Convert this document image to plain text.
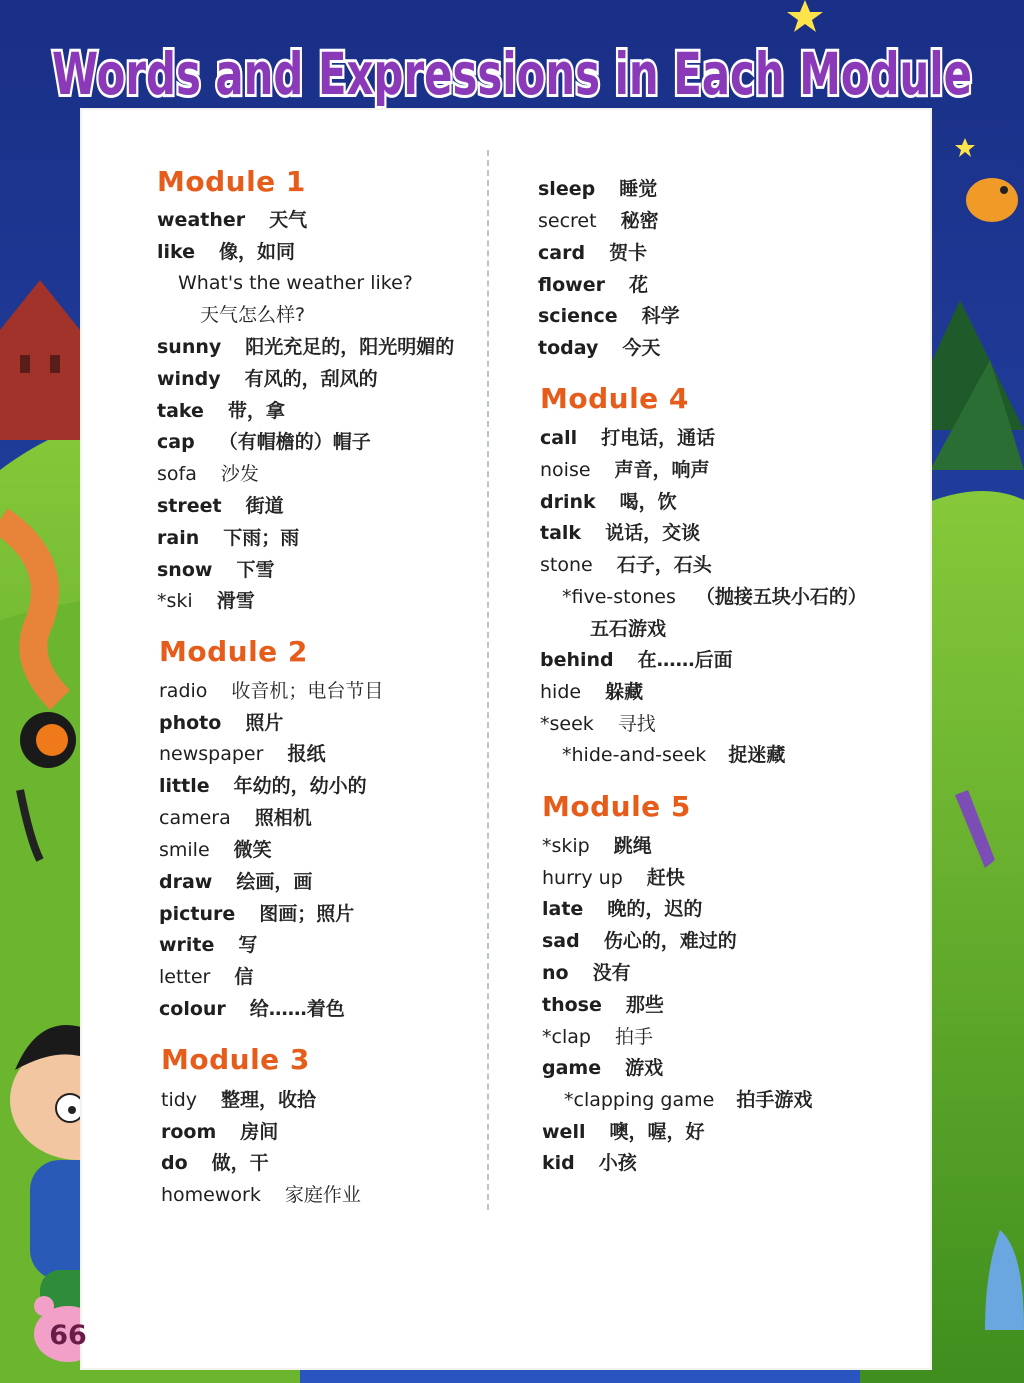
Words and Expressions in Each Module
Module 1
weather 天气
like 像，如同
What's the weather like?
天气怎么样?
sunny 阳光充足的，阳光明媚的
windy 有风的，刮风的
take 带，拿
cap （有帽檐的）帽子
sofa 沙发
street 街道
rain 下雨；雨
snow 下雪
*ski 滑雪
Module 2
radio 收音机；电台节目
photo 照片
newspaper 报纸
little 年幼的，幼小的
camera 照相机
smile 微笑
draw 绘画，画
picture 图画；照片
write 写
letter 信
colour 给……着色
Module 3
tidy 整理，收拾
room 房间
do 做，干
homework 家庭作业
sleep 睡觉
secret 秘密
card 贺卡
flower 花
science 科学
today 今天
Module 4
call 打电话，通话
noise 声音，响声
drink 喝，饮
talk 说话，交谈
stone 石子，石头
*five-stones （抛接五块小石的）
五石游戏
behind 在……后面
hide 躲藏
*seek 寻找
*hide-and-seek 捉迷藏
Module 5
*skip 跳绳
hurry up 赶快
late 晚的，迟的
sad 伤心的，难过的
no 没有
those 那些
*clap 拍手
game 游戏
*clapping game 拍手游戏
well 噢，喔，好
kid 小孩
66
